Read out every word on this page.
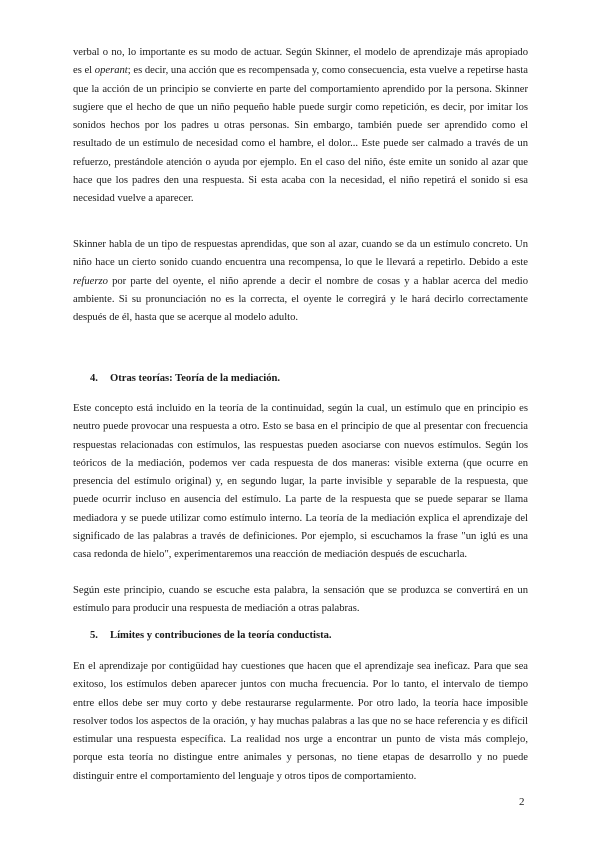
verbal o no, lo importante es su modo de actuar. Según Skinner, el modelo de aprendizaje más apropiado es el operant; es decir, una acción que es recompensada y, como consecuencia, esta vuelve a repetirse hasta que la acción de un principio se convierte en parte del comportamiento aprendido por la persona. Skinner sugiere que el hecho de que un niño pequeño hable puede surgir como repetición, es decir, por imitar los sonidos hechos por los padres u otras personas. Sin embargo, también puede ser aprendido como el resultado de un estímulo de necesidad como el hambre, el dolor... Este puede ser calmado a través de un refuerzo, prestándole atención o ayuda por ejemplo. En el caso del niño, éste emite un sonido al azar que hace que los padres den una respuesta. Si esta acaba con la necesidad, el niño repetirá el sonido si esa necesidad vuelve a aparecer.

Skinner habla de un tipo de respuestas aprendidas, que son al azar, cuando se da un estímulo concreto. Un niño hace un cierto sonido cuando encuentra una recompensa, lo que le llevará a repetirlo. Debido a este refuerzo por parte del oyente, el niño aprende a decir el nombre de cosas y a hablar acerca del medio ambiente. Si su pronunciación no es la correcta, el oyente le corregirá y le hará decirlo correctamente después de él, hasta que se acerque al modelo adulto.

4. Otras teorías: Teoría de la mediación.

Este concepto está incluido en la teoría de la continuidad, según la cual, un estímulo que en principio es neutro puede provocar una respuesta a otro. Esto se basa en el principio de que al presentar con frecuencia respuestas relacionadas con estímulos, las respuestas pueden asociarse con nuevos estímulos. Según los teóricos de la mediación, podemos ver cada respuesta de dos maneras: visible externa (que ocurre en presencia del estímulo original) y, en segundo lugar, la parte invisible y separable de la respuesta, que puede ocurrir incluso en ausencia del estímulo. La parte de la respuesta que se puede separar se llama mediadora y se puede utilizar como estímulo interno. La teoría de la mediación explica el aprendizaje del significado de las palabras a través de definiciones. Por ejemplo, si escuchamos la frase "un iglú es una casa redonda de hielo", experimentaremos una reacción de mediación después de escucharla.

Según este principio, cuando se escuche esta palabra, la sensación que se produzca se convertirá en un estímulo para producir una respuesta de mediación a otras palabras.

5. Límites y contribuciones de la teoría conductista.

En el aprendizaje por contigüidad hay cuestiones que hacen que el aprendizaje sea ineficaz. Para que sea exitoso, los estímulos deben aparecer juntos con mucha frecuencia. Por lo tanto, el intervalo de tiempo entre ellos debe ser muy corto y debe restaurarse regularmente. Por otro lado, la teoría hace imposible resolver todos los aspectos de la oración, y hay muchas palabras a las que no se hace referencia y es difícil estimular una respuesta específica. La realidad nos urge a encontrar un punto de vista más complejo, porque esta teoría no distingue entre animales y personas, no tiene etapas de desarrollo y no puede distinguir entre el comportamiento del lenguaje y otros tipos de comportamiento.

2
